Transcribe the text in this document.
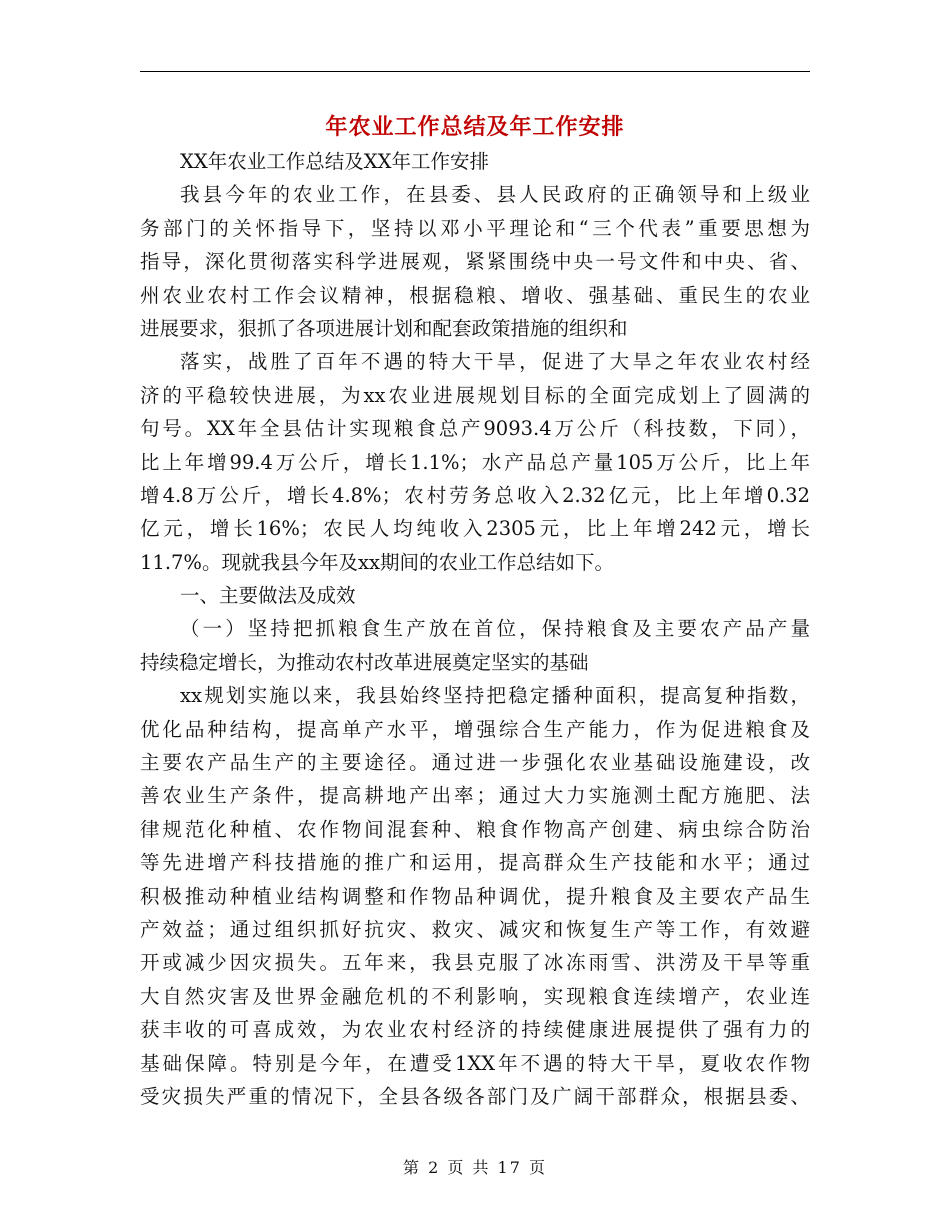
年农业工作总结及年工作安排
XX年农业工作总结及XX年工作安排
我县今年的农业工作，在县委、县人民政府的正确领导和上级业
务部门的关怀指导下，坚持以邓小平理论和“三个代表”重要思想为
指导，深化贯彻落实科学进展观，紧紧围绕中央一号文件和中央、省、
州农业农村工作会议精神，根据稳粮、增收、强基础、重民生的农业
进展要求，狠抓了各项进展计划和配套政策措施的组织和
落实，战胜了百年不遇的特大干旱，促进了大旱之年农业农村经
济的平稳较快进展，为xx农业进展规划目标的全面完成划上了圆满的
句号。XX年全县估计实现粮食总产9093.4万公斤（科技数，下同），
比上年增99.4万公斤，增长1.1%；水产品总产量105万公斤，比上年
增4.8万公斤，增长4.8%；农村劳务总收入2.32亿元，比上年增0.32
亿元，增长16%；农民人均纯收入2305元，比上年增242元，增长
11.7%。现就我县今年及xx期间的农业工作总结如下。
一、主要做法及成效
（一）坚持把抓粮食生产放在首位，保持粮食及主要农产品产量
持续稳定增长，为推动农村改革进展奠定坚实的基础
xx规划实施以来，我县始终坚持把稳定播种面积，提高复种指数，
优化品种结构，提高单产水平，增强综合生产能力，作为促进粮食及
主要农产品生产的主要途径。通过进一步强化农业基础设施建设，改
善农业生产条件，提高耕地产出率；通过大力实施测土配方施肥、法
律规范化种植、农作物间混套种、粮食作物高产创建、病虫综合防治
等先进增产科技措施的推广和运用，提高群众生产技能和水平；通过
积极推动种植业结构调整和作物品种调优，提升粮食及主要农产品生
产效益；通过组织抓好抗灾、救灾、减灾和恢复生产等工作，有效避
开或减少因灾损失。五年来，我县克服了冰冻雨雪、洪涝及干旱等重
大自然灾害及世界金融危机的不利影响，实现粮食连续增产，农业连
获丰收的可喜成效，为农业农村经济的持续健康进展提供了强有力的
基础保障。特别是今年，在遭受1XX年不遇的特大干旱，夏收农作物
受灾损失严重的情况下，全县各级各部门及广阔干部群众，根据县委、
第 2 页 共 17 页
